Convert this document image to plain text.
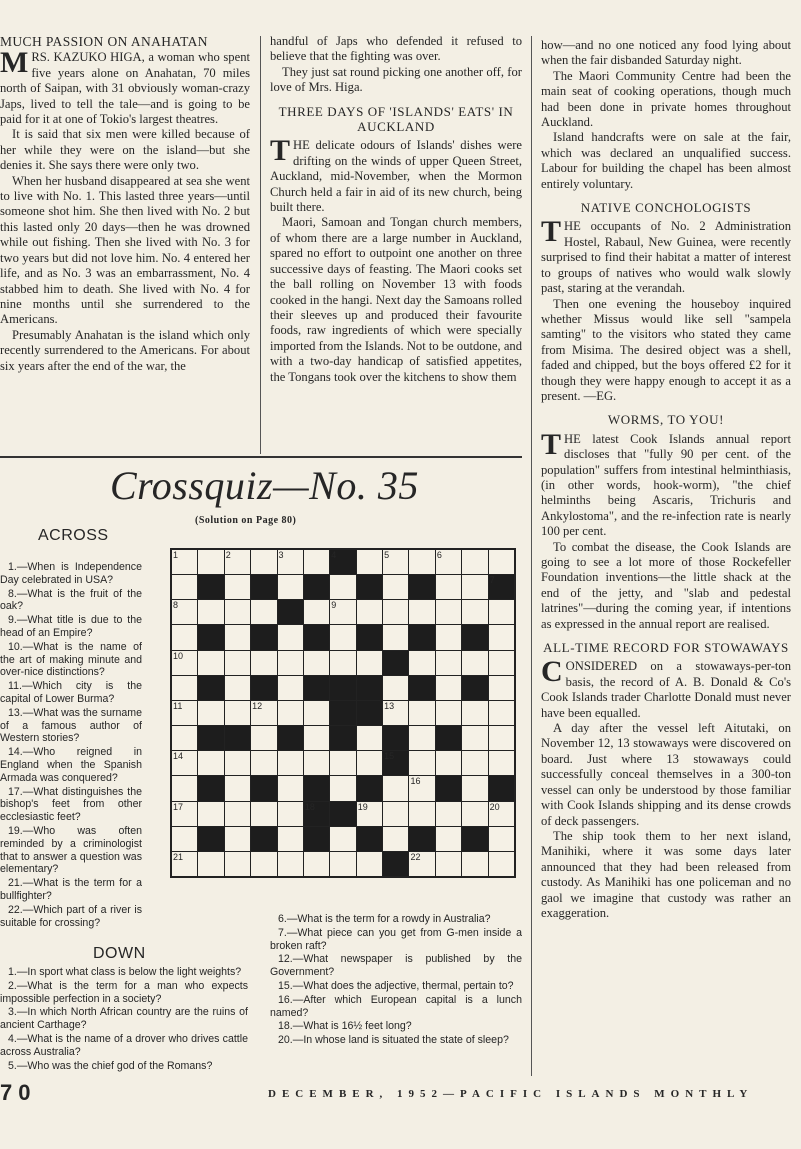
MUCH PASSION ON ANAHATAN

MRS. KAZUKO HIGA, a woman who spent five years alone on Anahatan, 70 miles north of Saipan, with 31 obviously woman-crazy Japs, lived to tell the tale—and is going to be paid for it at one of Tokio's largest theatres.

It is said that six men were killed because of her while they were on the island—but she denies it. She says there were only two.

When her husband disappeared at sea she went to live with No. 1. This lasted three years—until someone shot him. She then lived with No. 2 but this lasted only 20 days—then he was drowned while out fishing. Then she lived with No. 3 for two years but did not love him. No. 4 entered her life, and as No. 3 was an embarrassment, No. 4 stabbed him to death. She lived with No. 4 for nine months until she surrendered to the Americans.

Presumably Anahatan is the island which only recently surrendered to the Americans. For about six years after the end of the war, the

handful of Japs who defended it refused to believe that the fighting was over.

They just sat round picking one another off, for love of Mrs. Higa.

THREE DAYS OF 'ISLANDS' EATS' IN AUCKLAND

THE delicate odours of Islands' dishes were drifting on the winds of upper Queen Street, Auckland, mid-November, when the Mormon Church held a fair in aid of its new church, being built there.

Maori, Samoan and Tongan church members, of whom there are a large number in Auckland, spared no effort to outpoint one another on three successive days of feasting. The Maori cooks set the ball rolling on November 13 with foods cooked in the hangi. Next day the Samoans rolled their sleeves up and produced their favourite foods, raw ingredients of which were specially imported from the Islands. Not to be outdone, and with a two-day handicap of satisfied appetites, the Tongans took over the kitchens to show them

how—and no one noticed any food lying about when the fair disbanded Saturday night.

The Maori Community Centre had been the main seat of cooking operations, though much had been done in private homes throughout Auckland.

Island handcrafts were on sale at the fair, which was declared an unqualified success. Labour for building the chapel has been almost entirely voluntary.

NATIVE CONCHOLOGISTS

THE occupants of No. 2 Administration Hostel, Rabaul, New Guinea, were recently surprised to find their habitat a matter of interest to groups of natives who would walk slowly past, staring at the verandah.

Then one evening the houseboy inquired whether Missus would like sell "sampela samting" to the visitors who stated they came from Misima. The desired object was a shell, faded and chipped, but the boys offered £2 for it though they were happy enough to accept it as a present. —EG.

WORMS, TO YOU!

THE latest Cook Islands annual report discloses that "fully 90 per cent. of the population" suffers from intestinal helminthiasis, (in other words, hook-worm), "the chief helminths being Ascaris, Trichuris and Ankylostoma", and the re-infection rate is nearly 100 per cent.

To combat the disease, the Cook Islands are going to see a lot more of those Rockefeller Foundation inventions—the little shack at the end of the jetty, and "slab and pedestal latrines"—during the coming year, if intentions as expressed in the annual report are realised.

ALL-TIME RECORD FOR STOWAWAYS

CONSIDERED on a stowaways-per-ton basis, the record of A. B. Donald & Co's Cook Islands trader Charlotte Donald must never have been equalled.

A day after the vessel left Aitutaki, on November 12, 13 stowaways were discovered on board. Just where 13 stowaways could successfully conceal themselves in a 300-ton vessel can only be understood by those familiar with Cook Islands shipping and its dense crowds of deck passengers.

The ship took them to her next island, Manihiki, where it was some days later announced that they had been released from custody. As Manihiki has one policeman and no gaol we imagine that custody was rather an exaggeration.

Crossquiz—No. 35
(Solution on Page 80)
ACROSS

1.—When is Independence Day celebrated in USA?

8.—What is the fruit of the oak?

9.—What title is due to the head of an Empire?

10.—What is the name of the art of making minute and over-nice distinctions?

11.—Which city is the capital of Lower Burma?

13.—What was the surname of a famous author of Western stories?

14.—Who reigned in England when the Spanish Armada was conquered?

17.—What distinguishes the bishop's feet from other ecclesiastic feet?

19.—Who was often reminded by a criminologist that to answer a question was elementary?

21.—What is the term for a bullfighter?

22.—Which part of a river is suitable for crossing?

1	2	3	4	5	6
7
8	9
10
11	12	13
14	15
16
17	18	19	20
21	22
DOWN

1.—In sport what class is below the light weights?

2.—What is the term for a man who expects impossible perfection in a society?

3.—In which North African country are the ruins of ancient Carthage?

4.—What is the name of a drover who drives cattle across Australia?

5.—Who was the chief god of the Romans?

6.—What is the term for a rowdy in Australia?

7.—What piece can you get from G-men inside a broken raft?

12.—What newspaper is published by the Government?

15.—What does the adjective, thermal, pertain to?

16.—After which European capital is a lunch named?

18.—What is 16½ feet long?

20.—In whose land is situated the state of sleep?

70	DECEMBER, 1952—PACIFIC ISLANDS MONTHLY
